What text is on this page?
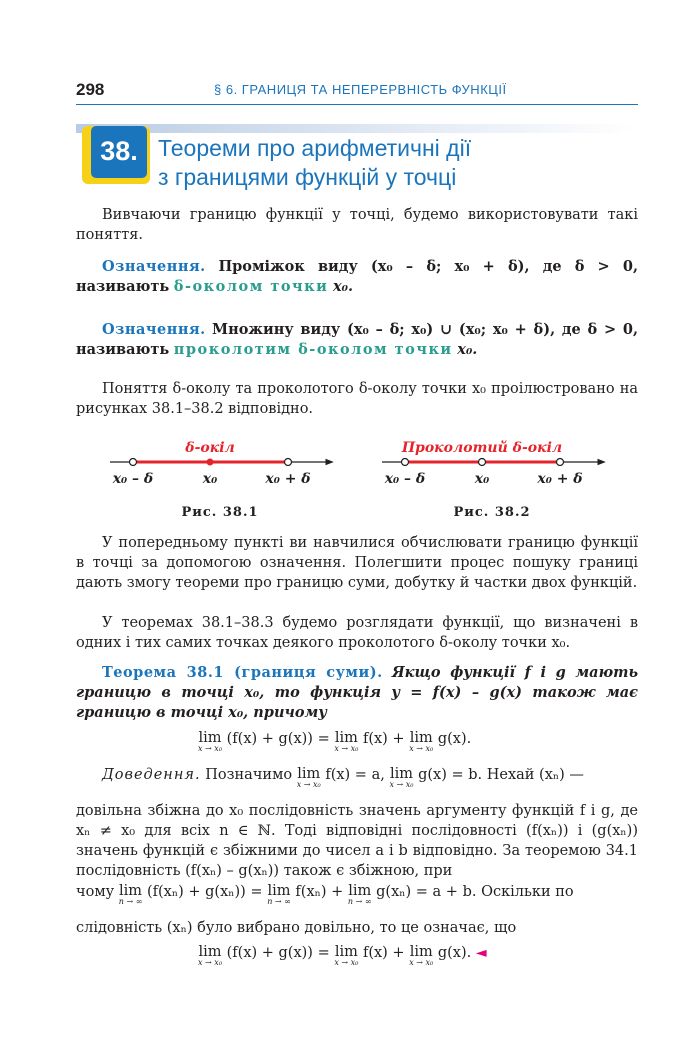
298	§ 6. ГРАНИЦЯ ТА НЕПЕРЕРВНІСТЬ ФУНКЦІЇ
38. Теореми про арифметичні дії
з границями функцій у точці
Вивчаючи границю функції у точці, будемо використовувати такі поняття.
Означення. Проміжок виду (x₀ – δ; x₀ + δ), де δ > 0, називають δ-околом точки x₀.
Означення. Множину виду (x₀ – δ; x₀) ∪ (x₀; x₀ + δ), де δ > 0, називають проколотим δ-околом точки x₀.
Поняття δ-околу та проколотого δ-околу точки x₀ проілюстровано на рисунках 38.1–38.2 відповідно.
δ-окіл
x₀ – δ	x₀	x₀ + δ
Рис. 38.1
Проколотий δ-окіл
x₀ – δ	x₀	x₀ + δ
Рис. 38.2
У попередньому пункті ви навчилися обчислювати границю функції в точці за допомогою означення. Полегшити процес пошуку границі дають змогу теореми про границю суми, добутку й частки двох функцій.
У теоремах 38.1–38.3 будемо розглядати функції, що визначені в одних і тих самих точках деякого проколотого δ-околу точки x₀.
Теорема 38.1 (границя суми). Якщо функції f і g мають границю в точці x₀, то функція y = f(x) – g(x) також має границю в точці x₀, причому
lim
x → x₀
(f(x) + g(x)) = lim
x → x₀
f(x) + lim
x → x₀
g(x).
Доведення. Позначимо lim
x → x₀
f(x) = a, lim
x → x₀
g(x) = b. Нехай (xₙ) —
довільна збіжна до x₀ послідовність значень аргументу функцій f і g, де xₙ ≠ x₀ для всіх n ∈ ℕ. Тоді відповідні послідовності (f(xₙ)) і (g(xₙ)) значень функцій є збіжними до чисел a і b відповідно. За теоремою 34.1 послідовність (f(xₙ) – g(xₙ)) також є збіжною, при
чому lim
n → ∞
(f(xₙ) + g(xₙ)) = lim
n → ∞
f(xₙ) + lim
n → ∞
g(xₙ) = a + b. Оскільки по
слідовність (xₙ) було вибрано довільно, то це означає, що
lim
x → x₀
(f(x) + g(x)) = lim
x → x₀
f(x) + lim
x → x₀
g(x). ◄
